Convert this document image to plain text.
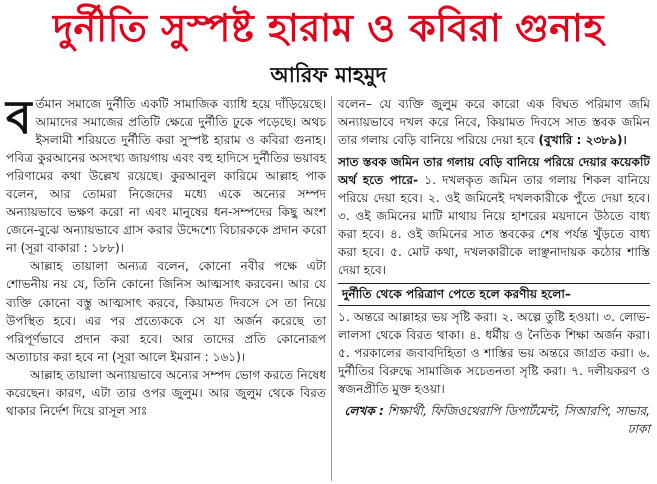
দুর্নীতি সুস্পষ্ট হারাম ও কবিরা গুনাহ
আরিফ মাহমুদ

বর্তমান সমাজে দুর্নীতি একটি সামাজিক ব্যাধি হয়ে দাঁড়িয়েছে। আমাদের সমাজের প্রতিটি ক্ষেত্রে দুর্নীতি ঢুকে পড়েছে। অথচ ইসলামী শরিয়তে দুর্নীতি করা সুস্পষ্ট হারাম ও কবিরা গুনাহ। পবিত্র কুরআনের অসংখ্য জায়গায় এবং বহু হাদিসে দুর্নীতির ভয়াবহ পরিণামের কথা উল্লেখ রয়েছে। কুরআনুল কারিমে আল্লাহ পাক বলেন, আর তোমরা নিজেদের মধ্যে একে অন্যের সম্পদ অন্যায়ভাবে ভক্ষণ করো না এবং মানুষের ধন-সম্পদের কিছু অংশ জেনে-বুঝে অন্যায়ভাবে গ্রাস করার উদ্দেশ্যে বিচারককে প্রদান করো না (সূরা বাকারা : ১৮৮)।

আল্লাহ তায়ালা অন্যত্র বলেন, কোনো নবীর পক্ষে এটা শোভনীয় নয় যে, তিনি কোনো জিনিস আত্মসাৎ করবেন। আর যে ব্যক্তি কোনো বস্তু আত্মসাৎ করবে, কিয়ামত দিবসে সে তা নিয়ে উপস্থিত হবে। এর পর প্রত্যেককে সে যা অর্জন করেছে তা পরিপূর্ণভাবে প্রদান করা হবে। আর তাদের প্রতি কোনোরূপ অত্যাচার করা হবে না (সূরা আলে ইমরান : ১৬১)।

আল্লাহ তায়ালা অন্যায়ভাবে অন্যের সম্পদ ভোগ করতে নিষেধ করেছেন। কারণ, এটা তার ওপর জুলুম। আর জুলুম থেকে বিরত থাকার নির্দেশ দিয়ে রাসূল সাঃ

বলেন– যে ব্যক্তি জুলুম করে কারো এক বিঘত পরিমাণ জমি অন্যায়ভাবে দখল করে নিবে, কিয়ামত দিবসে সাত স্তবক জমিন তার গলায় বেড়ি বানিয়ে পরিয়ে দেয়া হবে (বুখারি : ২৩৮৯)।

সাত স্তবক জমিন তার গলায় বেড়ি বানিয়ে পরিয়ে দেয়ার কয়েকটি অর্থ হতে পারে- ১. দখলকৃত জমিন তার গলায় শিকল বানিয়ে পরিয়ে দেয়া হবে। ২. ওই জমিনেই দখলকারীকে পুঁতে দেয়া হবে। ৩. ওই জমিনের মাটি মাথায় নিয়ে হাশরের ময়দানে উঠতে বাধ্য করা হবে। ৪. ওই জমিনের সাত স্তবকের শেষ পর্যন্ত খুঁড়তে বাধ্য করা হবে। ৫. মোট কথা, দখলকারীকে লাঞ্ছনাদায়ক কঠোর শাস্তি দেয়া হবে।

দুর্নীতি থেকে পরিত্রাণ পেতে হলে করণীয় হলো–

১. অন্তরে আল্লাহর ভয় সৃষ্টি করা। ২. অল্পে তুষ্টি হওয়া। ৩. লোভ-লালসা থেকে বিরত থাকা। ৪. ধর্মীয় ও নৈতিক শিক্ষা অর্জন করা। ৫. পরকালের জবাবদিহিতা ও শাস্তির ভয় অন্তরে জাগ্রত করা। ৬. দুর্নীতির বিরুদ্ধে সামাজিক সচেতনতা সৃষ্টি করা। ৭. দলীয়করণ ও স্বজনপ্রীতি মুক্ত হওয়া।

লেখক : শিক্ষার্থী, ফিজিওথেরাপি ডিপার্টমেন্ট, সিআরপি, সাভার, ঢাকা
